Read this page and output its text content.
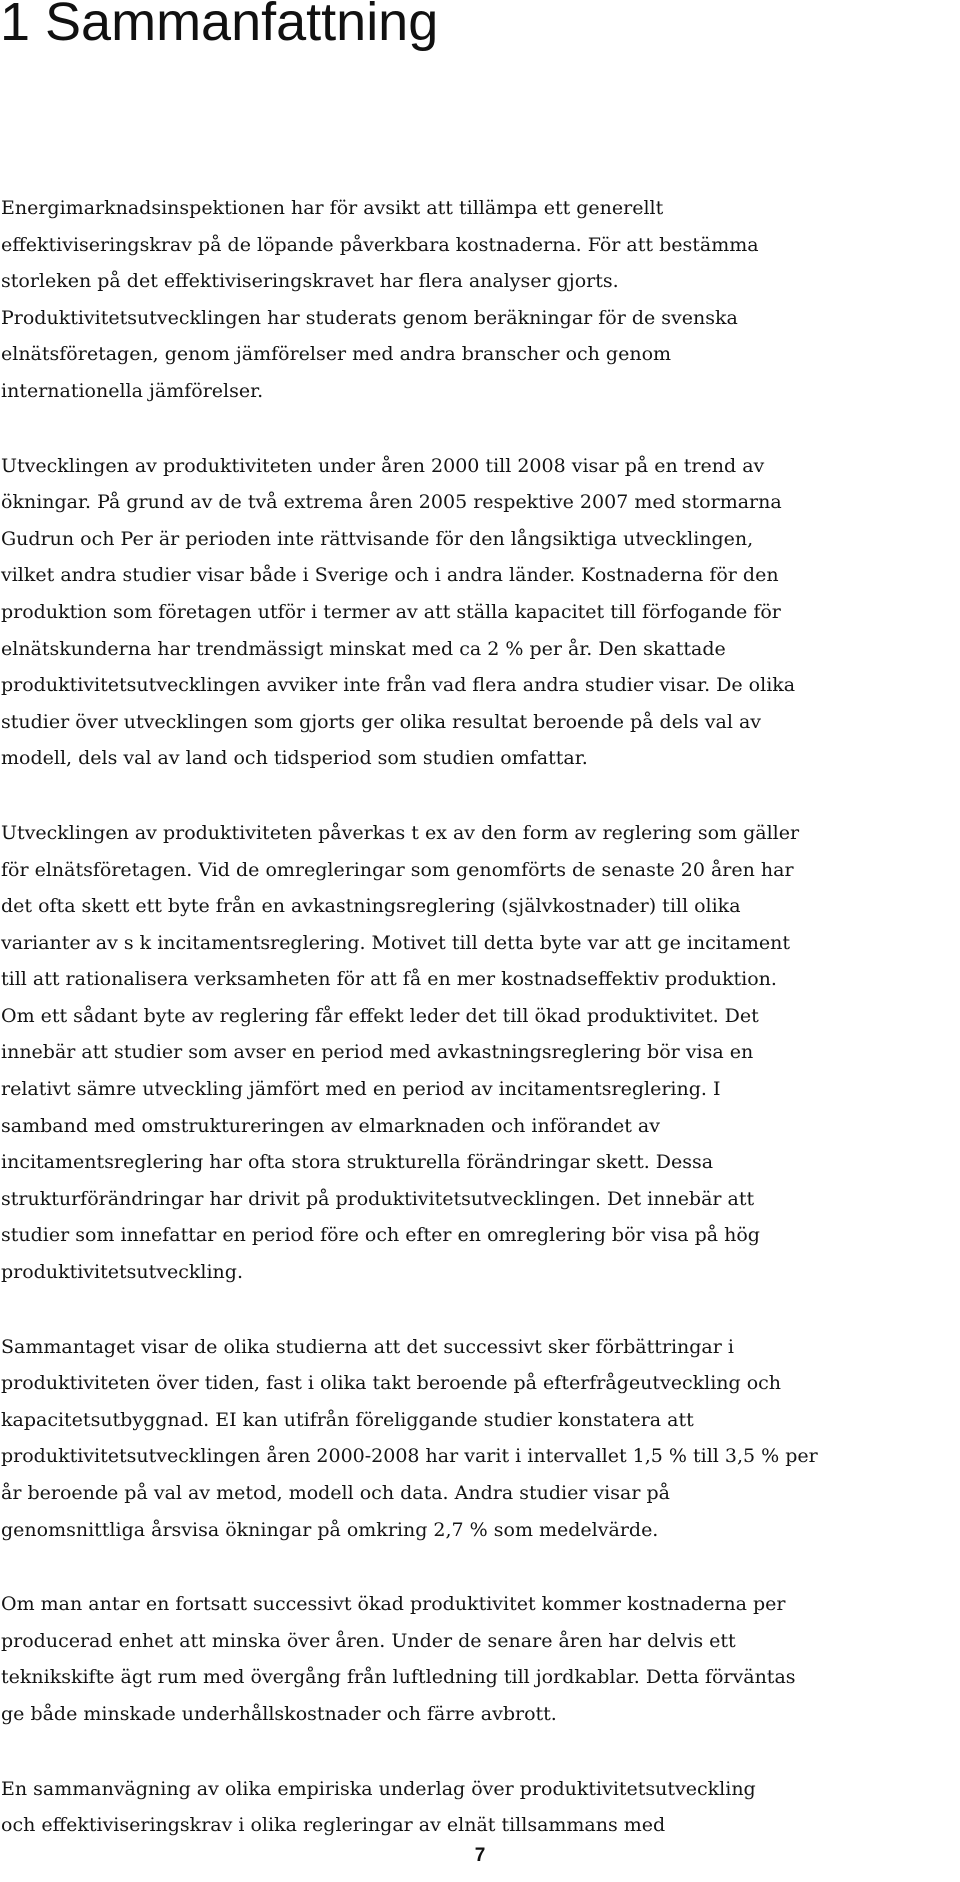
1 Sammanfattning

Energimarknadsinspektionen har för avsikt att tillämpa ett generellt
effektiviseringskrav på de löpande påverkbara kostnaderna. För att bestämma
storleken på det effektiviseringskravet har flera analyser gjorts.
Produktivitetsutvecklingen har studerats genom beräkningar för de svenska
elnätsföretagen, genom jämförelser med andra branscher och genom
internationella jämförelser.

Utvecklingen av produktiviteten under åren 2000 till 2008 visar på en trend av
ökningar. På grund av de två extrema åren 2005 respektive 2007 med stormarna
Gudrun och Per är perioden inte rättvisande för den långsiktiga utvecklingen,
vilket andra studier visar både i Sverige och i andra länder. Kostnaderna för den
produktion som företagen utför i termer av att ställa kapacitet till förfogande för
elnätskunderna har trendmässigt minskat med ca 2 % per år. Den skattade
produktivitetsutvecklingen avviker inte från vad flera andra studier visar. De olika
studier över utvecklingen som gjorts ger olika resultat beroende på dels val av
modell, dels val av land och tidsperiod som studien omfattar.

Utvecklingen av produktiviteten påverkas t ex av den form av reglering som gäller
för elnätsföretagen. Vid de omregleringar som genomförts de senaste 20 åren har
det ofta skett ett byte från en avkastningsreglering (självkostnader) till olika
varianter av s k incitamentsreglering. Motivet till detta byte var att ge incitament
till att rationalisera verksamheten för att få en mer kostnadseffektiv produktion.
Om ett sådant byte av reglering får effekt leder det till ökad produktivitet. Det
innebär att studier som avser en period med avkastningsreglering bör visa en
relativt sämre utveckling jämfört med en period av incitamentsreglering. I
samband med omstruktureringen av elmarknaden och införandet av
incitamentsreglering har ofta stora strukturella förändringar skett. Dessa
strukturförändringar har drivit på produktivitetsutvecklingen. Det innebär att
studier som innefattar en period före och efter en omreglering bör visa på hög
produktivitetsutveckling.

Sammantaget visar de olika studierna att det successivt sker förbättringar i
produktiviteten över tiden, fast i olika takt beroende på efterfrågeutveckling och
kapacitetsutbyggnad. EI kan utifrån föreliggande studier konstatera att
produktivitetsutvecklingen åren 2000-2008 har varit i intervallet 1,5 % till 3,5 % per
år beroende på val av metod, modell och data. Andra studier visar på
genomsnittliga årsvisa ökningar på omkring 2,7 % som medelvärde.

Om man antar en fortsatt successivt ökad produktivitet kommer kostnaderna per
producerad enhet att minska över åren. Under de senare åren har delvis ett
teknikskifte ägt rum med övergång från luftledning till jordkablar. Detta förväntas
ge både minskade underhållskostnader och färre avbrott.

En sammanvägning av olika empiriska underlag över produktivitetsutveckling
och effektiviseringskrav i olika regleringar av elnät tillsammans med

7
